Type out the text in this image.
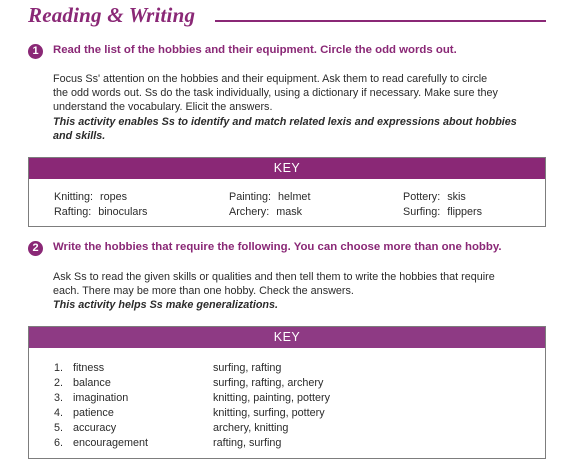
Reading & Writing
1	Read the list of the hobbies and their equipment. Circle the odd words out.

Focus Ss' attention on the hobbies and their equipment. Ask them to read carefully to circle

the odd words out. Ss do the task individually, using a dictionary if necessary. Make sure they

understand the vocabulary. Elicit the answers.

This activity enables Ss to identify and match related lexis and expressions about hobbies

and skills.

KEY
Knitting: ropes	Painting: helmet	Pottery: skis
Rafting: binoculars	Archery: mask	Surfing: flippers
2	Write the hobbies that require the following. You can choose more than one hobby.

Ask Ss to read the given skills or qualities and then tell them to write the hobbies that require

each. There may be more than one hobby. Check the answers.

This activity helps Ss make generalizations.

KEY
1. fitness	surfing, rafting
2. balance	surfing, rafting, archery
3. imagination	knitting, painting, pottery
4. patience	knitting, surfing, pottery
5. accuracy	archery, knitting
6. encouragement	rafting, surfing
